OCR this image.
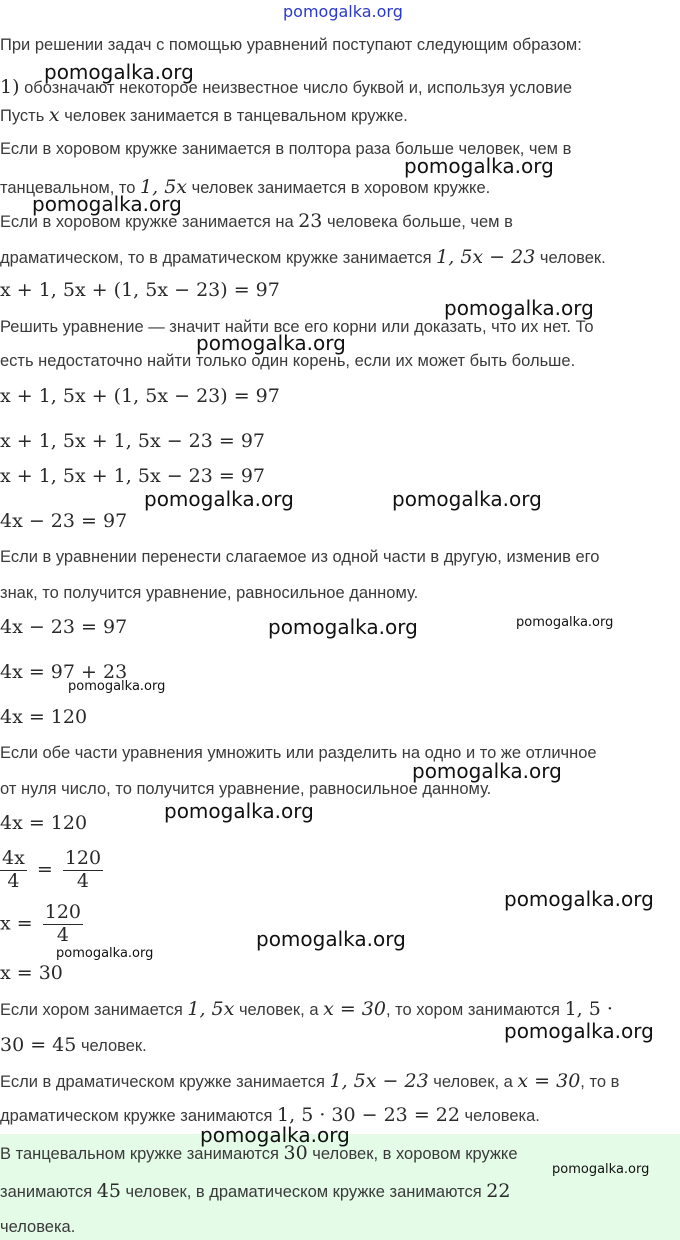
pomogalka.org
При решении задач с помощью уравнений поступают следующим образом:
1) обозначают некоторое неизвестное число буквой и, используя условие
Пусть x человек занимается в танцевальном кружке.
Если в хоровом кружке занимается в полтора раза больше человек, чем в
танцевальном, то 1, 5x человек занимается в хоровом кружке.
Если в хоровом кружке занимается на 23 человека больше, чем в
драматическом, то в драматическом кружке занимается 1, 5x − 23 человек.
x + 1, 5x + (1, 5x − 23) = 97
Решить уравнение — значит найти все его корни или доказать, что их нет. То
есть недостаточно найти только один корень, если их может быть больше.
x + 1, 5x + (1, 5x − 23) = 97
x + 1, 5x + 1, 5x − 23 = 97
x + 1, 5x + 1, 5x − 23 = 97
4x − 23 = 97
Если в уравнении перенести слагаемое из одной части в другую, изменив его
знак, то получится уравнение, равносильное данному.
4x − 23 = 97
4x = 97 + 23
4x = 120
Если обе части уравнения умножить или разделить на одно и то же отличное
от нуля число, то получится уравнение, равносильное данному.
4x = 120
$\frac{4x}{4} = \frac{120}{4}$
$x = \frac{120}{4}$
x = 30
Если хором занимается 1, 5x человек, а x = 30, то хором занимаются 1, 5 ·
30 = 45 человек.
Если в драматическом кружке занимается 1, 5x − 23 человек, а x = 30, то в
драматическом кружке занимаются 1, 5 · 30 − 23 = 22 человека.
В танцевальном кружке занимаются 30 человек, в хоровом кружке
занимаются 45 человек, в драматическом кружке занимаются 22
человека.
pomogalka.org
pomogalka.org
pomogalka.org
pomogalka.org
pomogalka.org
pomogalka.org	pomogalka.org
pomogalka.org	pomogalka.org
pomogalka.org
pomogalka.org
pomogalka.org
pomogalka.org
pomogalka.org
pomogalka.org
pomogalka.org
pomogalka.org
pomogalka.org
